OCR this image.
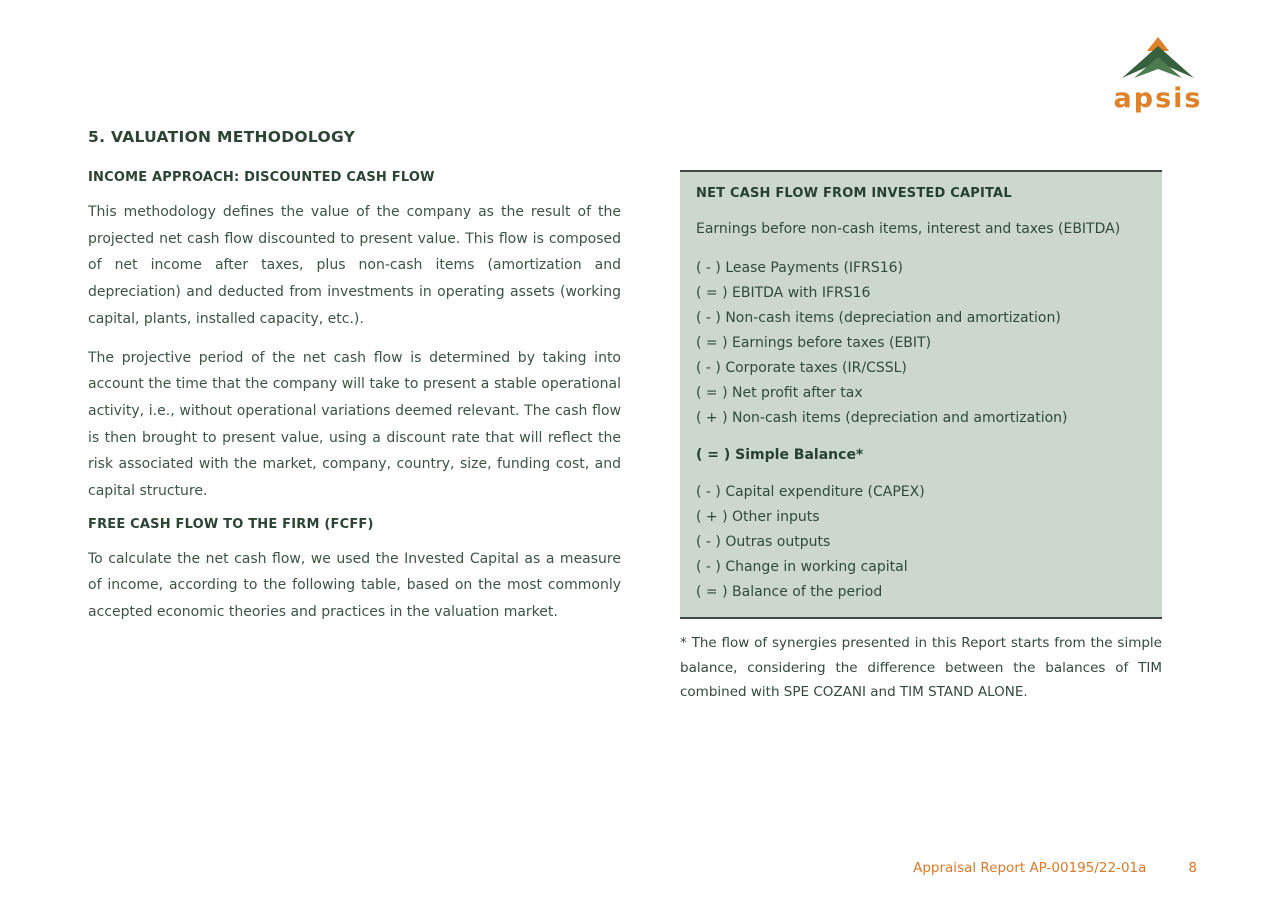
apsis
5. VALUATION METHODOLOGY
INCOME APPROACH: DISCOUNTED CASH FLOW

This methodology defines the value of the company as the result of the projected net cash flow discounted to present value. This flow is composed of net income after taxes, plus non-cash items (amortization and depreciation) and deducted from investments in operating assets (working capital, plants, installed capacity, etc.).

The projective period of the net cash flow is determined by taking into account the time that the company will take to present a stable operational activity, i.e., without operational variations deemed relevant. The cash flow is then brought to present value, using a discount rate that will reflect the risk associated with the market, company, country, size, funding cost, and capital structure.

FREE CASH FLOW TO THE FIRM (FCFF)

To calculate the net cash flow, we used the Invested Capital as a measure of income, according to the following table, based on the most commonly accepted economic theories and practices in the valuation market.

NET CASH FLOW FROM INVESTED CAPITAL
Earnings before non-cash items, interest and taxes (EBITDA)
( - ) Lease Payments (IFRS16)
( = ) EBITDA with IFRS16
( - ) Non-cash items (depreciation and amortization)
( = ) Earnings before taxes (EBIT)
( - ) Corporate taxes (IR/CSSL)
( = ) Net profit after tax
( + ) Non-cash items (depreciation and amortization)
( = ) Simple Balance*
( - ) Capital expenditure (CAPEX)
( + ) Other inputs
( - ) Outras outputs
( - ) Change in working capital
( = ) Balance of the period

* The flow of synergies presented in this Report starts from the simple balance, considering the difference between the balances of TIM combined with SPE COZANI and TIM STAND ALONE.

Appraisal Report AP-00195/22-01a	8
